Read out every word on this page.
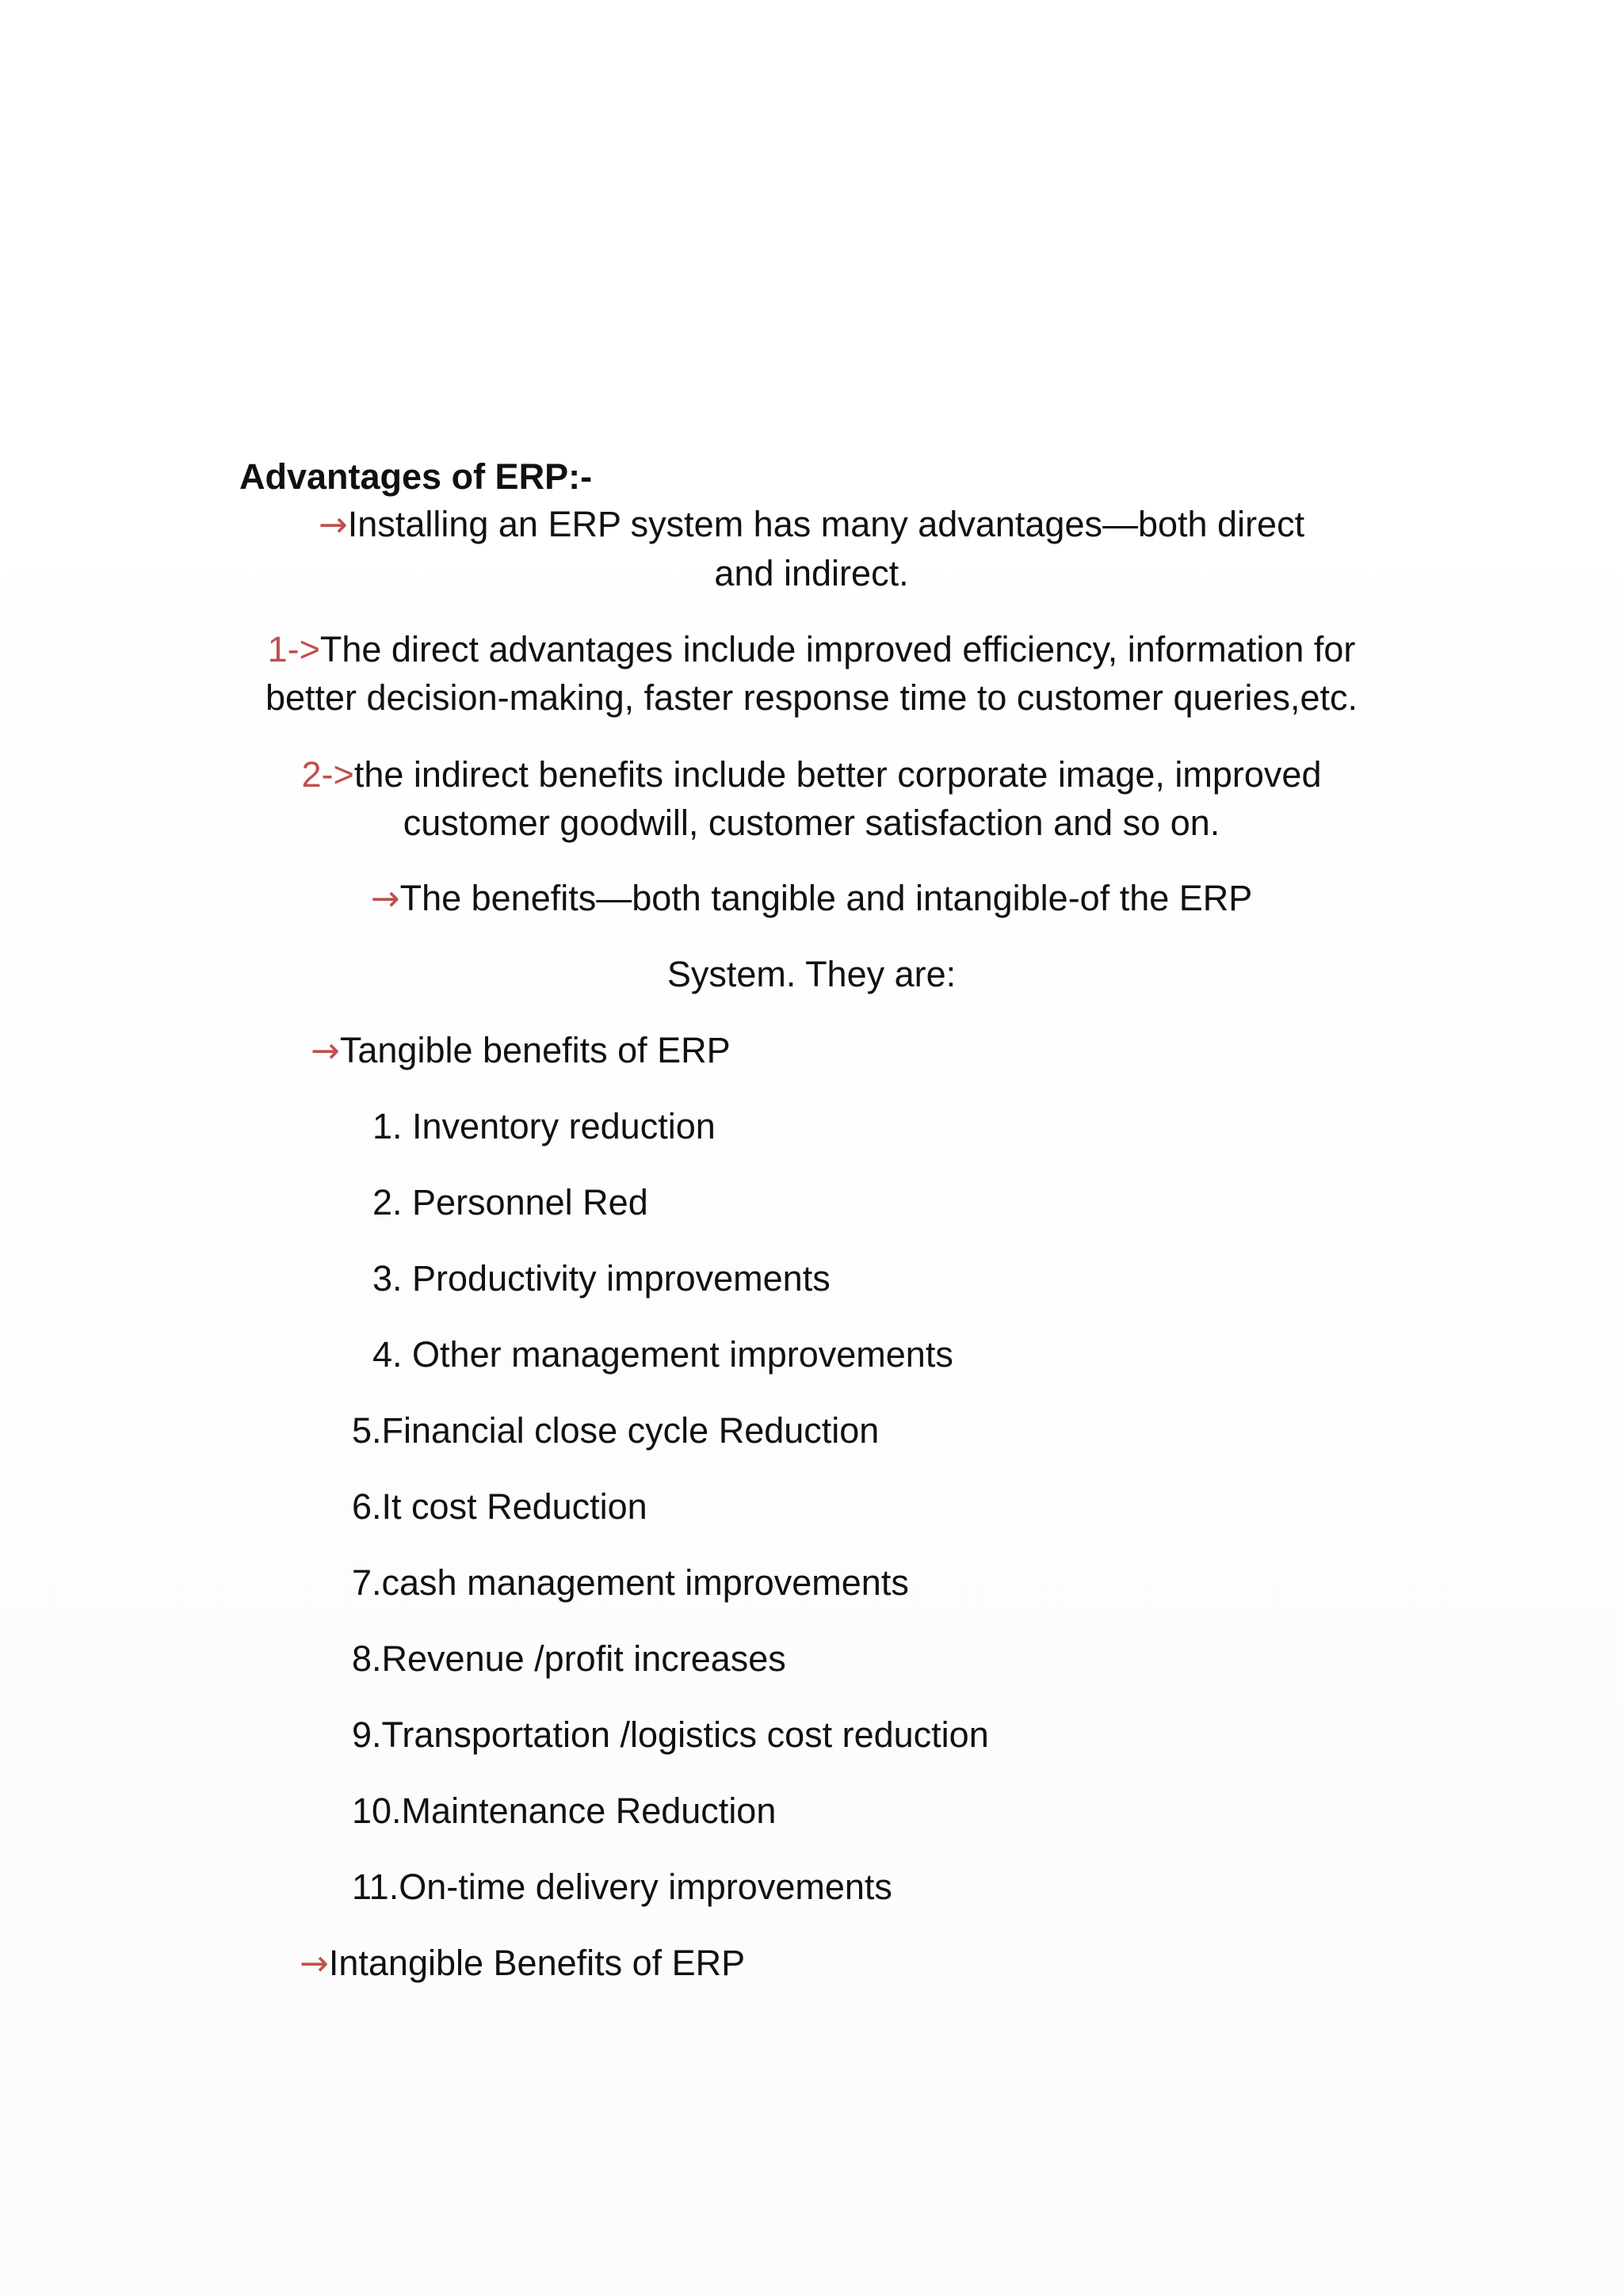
Advantages of ERP:-
→Installing an ERP system has many advantages—both direct
and indirect.
1->The direct advantages include improved efficiency, information for
better decision-making, faster response time to customer queries,etc.
2->the indirect benefits include better corporate image, improved
customer goodwill, customer satisfaction and so on.
→The benefits—both tangible and intangible-of the ERP
System. They are:
→Tangible benefits of ERP
1. Inventory reduction
2. Personnel Red
3. Productivity improvements
4. Other management improvements
5.Financial close cycle Reduction
6.It cost Reduction
7.cash management improvements
8.Revenue /profit increases
9.Transportation /logistics cost reduction
10.Maintenance Reduction
11.On-time delivery improvements
→Intangible Benefits of ERP
